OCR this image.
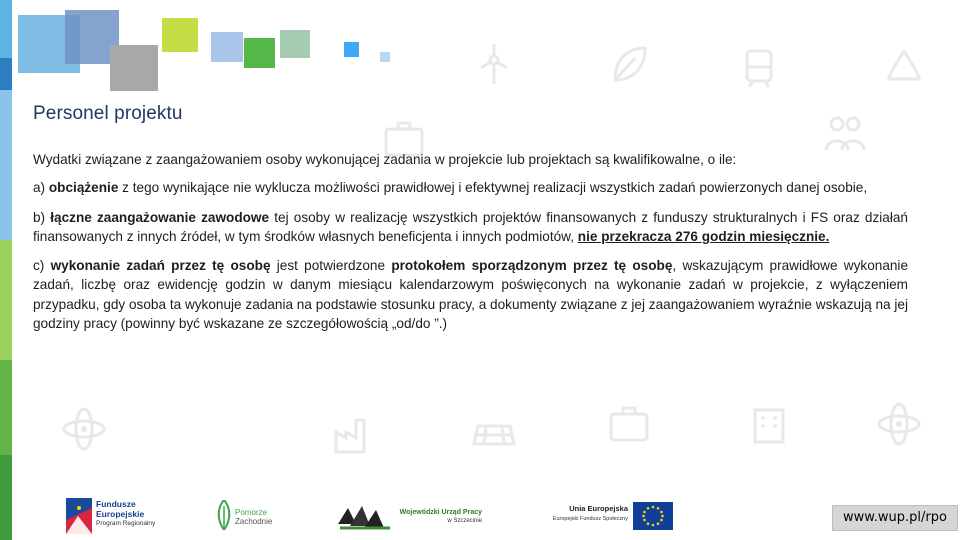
Personel projektu

Wydatki związane z zaangażowaniem osoby wykonującej zadania w projekcie lub projektach są kwalifikowalne, o ile:

a) obciążenie z tego wynikające nie wyklucza możliwości prawidłowej i efektywnej realizacji wszystkich zadań powierzonych danej osobie,

b) łączne zaangażowanie zawodowe tej osoby w realizację wszystkich projektów finansowanych z funduszy strukturalnych i FS oraz działań finansowanych z innych źródeł, w tym środków własnych beneficjenta i innych podmiotów, nie przekracza 276 godzin miesięcznie.

c) wykonanie zadań przez tę osobę jest potwierdzone protokołem sporządzonym przez tę osobę, wskazującym prawidłowe wykonanie zadań, liczbę oraz ewidencję godzin w danym miesiącu kalendarzowym poświęconych na wykonanie zadań w projekcie, z wyłączeniem przypadku, gdy osoba ta wykonuje zadania na podstawie stosunku pracy, a dokumenty związane z jej zaangażowaniem wyraźnie wskazują na jej godziny pracy (powinny być wskazane ze szczegółowością „od/do ”.)

Fundusze
Europejskie
Program Regionalny
Pomorze
Zachodnie
Wojewódzki Urząd Pracy
w Szczecinie
Unia Europejska
Europejski Fundusz Społeczny	www.wup.pl/rpo
